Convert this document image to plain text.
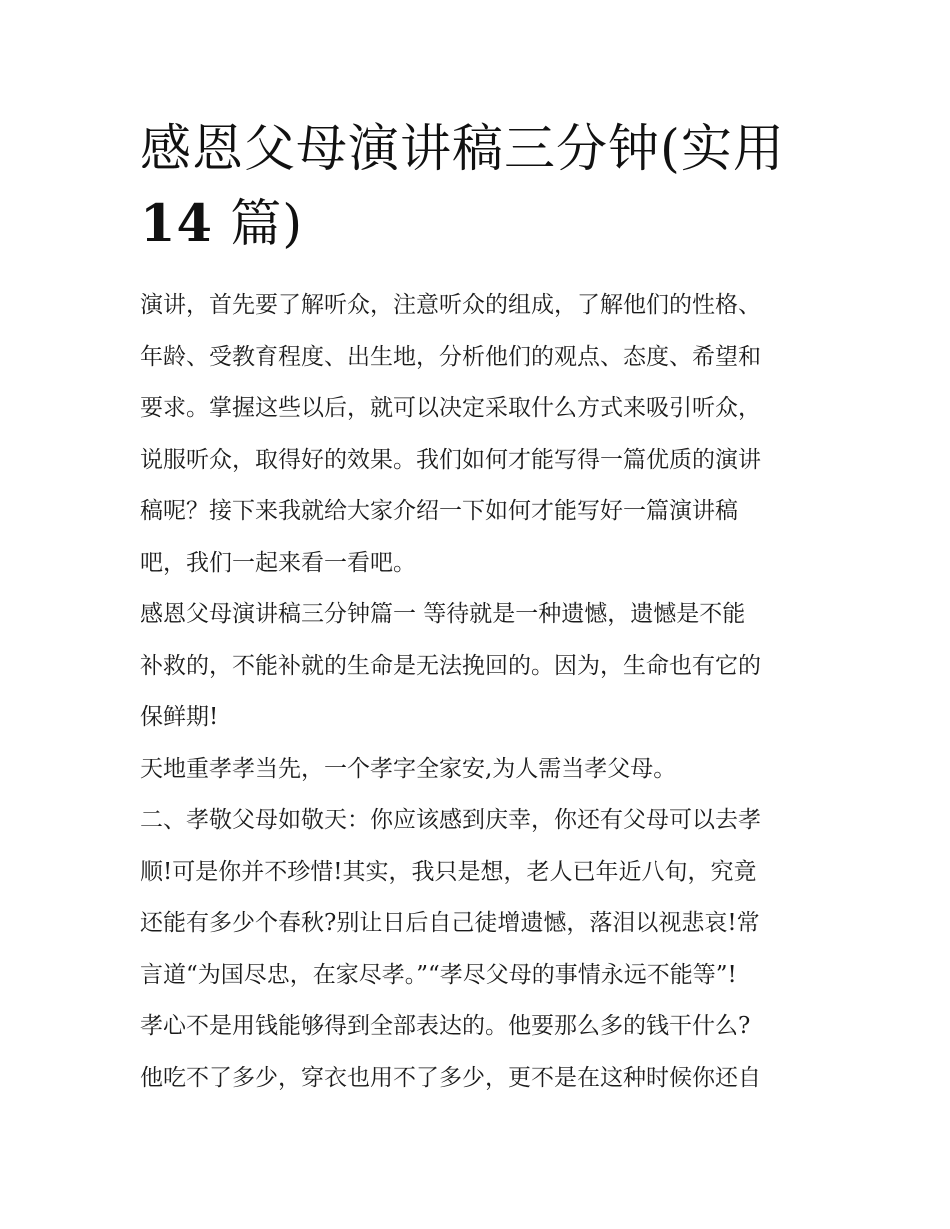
感恩父母演讲稿三分钟(实用
14 篇)
演讲，首先要了解听众，注意听众的组成，了解他们的性格、
年龄、受教育程度、出生地，分析他们的观点、态度、希望和
要求。掌握这些以后，就可以决定采取什么方式来吸引听众，
说服听众，取得好的效果。我们如何才能写得一篇优质的演讲
稿呢？接下来我就给大家介绍一下如何才能写好一篇演讲稿
吧，我们一起来看一看吧。
感恩父母演讲稿三分钟篇一 等待就是一种遗憾，遗憾是不能
补救的，不能补就的生命是无法挽回的。因为，生命也有它的
保鲜期!
天地重孝孝当先，一个孝字全家安,为人需当孝父母。
二、孝敬父母如敬天：你应该感到庆幸，你还有父母可以去孝
顺!可是你并不珍惜!其实，我只是想，老人已年近八旬，究竟
还能有多少个春秋?别让日后自己徒增遗憾，落泪以视悲哀!常
言道“为国尽忠，在家尽孝。”“孝尽父母的事情永远不能等”!
孝心不是用钱能够得到全部表达的。他要那么多的钱干什么?
他吃不了多少，穿衣也用不了多少，更不是在这种时候你还自
